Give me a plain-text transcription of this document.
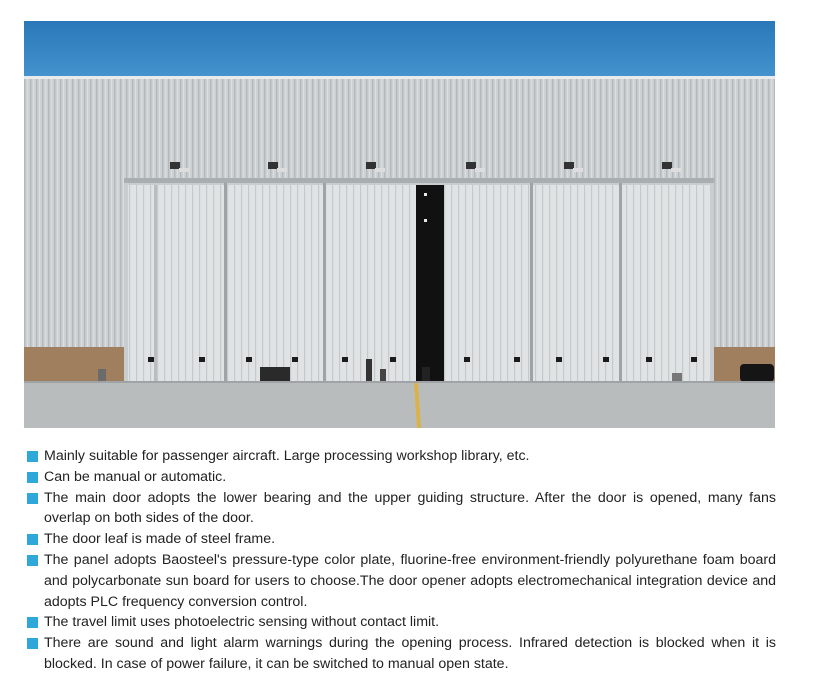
Mainly suitable for passenger aircraft. Large processing workshop library, etc.
Can be manual or automatic.
The main door adopts the lower bearing and the upper guiding structure. After the door is opened, many fans overlap on both sides of the door.
The door leaf is made of steel frame.
The panel adopts Baosteel's pressure-type color plate, fluorine-free environment-friendly polyurethane foam board and polycarbonate sun board for users to choose.The door opener adopts electromechanical integration device and adopts PLC frequency conversion control.
The travel limit uses photoelectric sensing without contact limit.
There are sound and light alarm warnings during the opening process. Infrared detection is blocked when it is blocked. In case of power failure, it can be switched to manual open state.
